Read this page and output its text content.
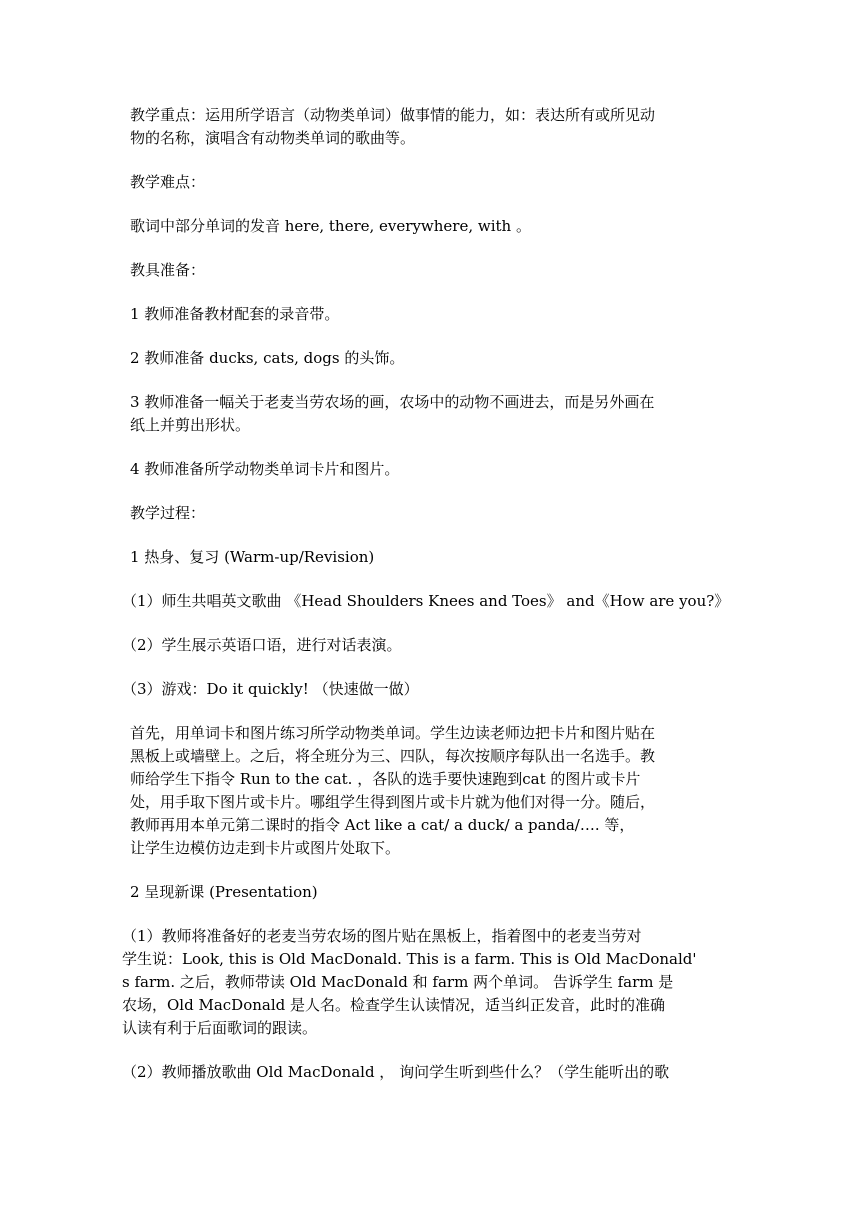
教学重点：运用所学语言（动物类单词）做事情的能力，如：表达所有或所见动
物的名称，演唱含有动物类单词的歌曲等。

教学难点：

歌词中部分单词的发音 here, there, everywhere, with 。

教具准备：

1 教师准备教材配套的录音带。

2 教师准备 ducks, cats, dogs 的头饰。

3 教师准备一幅关于老麦当劳农场的画，农场中的动物不画进去，而是另外画在
纸上并剪出形状。

4 教师准备所学动物类单词卡片和图片。

教学过程：

1 热身、复习 (Warm-up/Revision)

（1）师生共唱英文歌曲 《Head Shoulders Knees and Toes》 and《How are you?》

（2）学生展示英语口语，进行对话表演。

（3）游戏：Do it quickly! （快速做一做）

首先，用单词卡和图片练习所学动物类单词。学生边读老师边把卡片和图片贴在
黑板上或墙壁上。之后，将全班分为三、四队，每次按顺序每队出一名选手。教
师给学生下指令 Run to the cat. ，各队的选手要快速跑到cat 的图片或卡片
处，用手取下图片或卡片。哪组学生得到图片或卡片就为他们对得一分。随后，
教师再用本单元第二课时的指令 Act like a cat/ a duck/ a panda/…. 等，
让学生边模仿边走到卡片或图片处取下。

2 呈现新课 (Presentation)

（1）教师将准备好的老麦当劳农场的图片贴在黑板上，指着图中的老麦当劳对
学生说：Look, this is Old MacDonald. This is a farm. This is Old MacDonald'
s farm. 之后，教师带读 Old MacDonald 和 farm 两个单词。 告诉学生 farm 是
农场，Old MacDonald 是人名。检查学生认读情况，适当纠正发音，此时的准确
认读有利于后面歌词的跟读。

（2）教师播放歌曲 Old MacDonald ， 询问学生听到些什么？（学生能听出的歌
